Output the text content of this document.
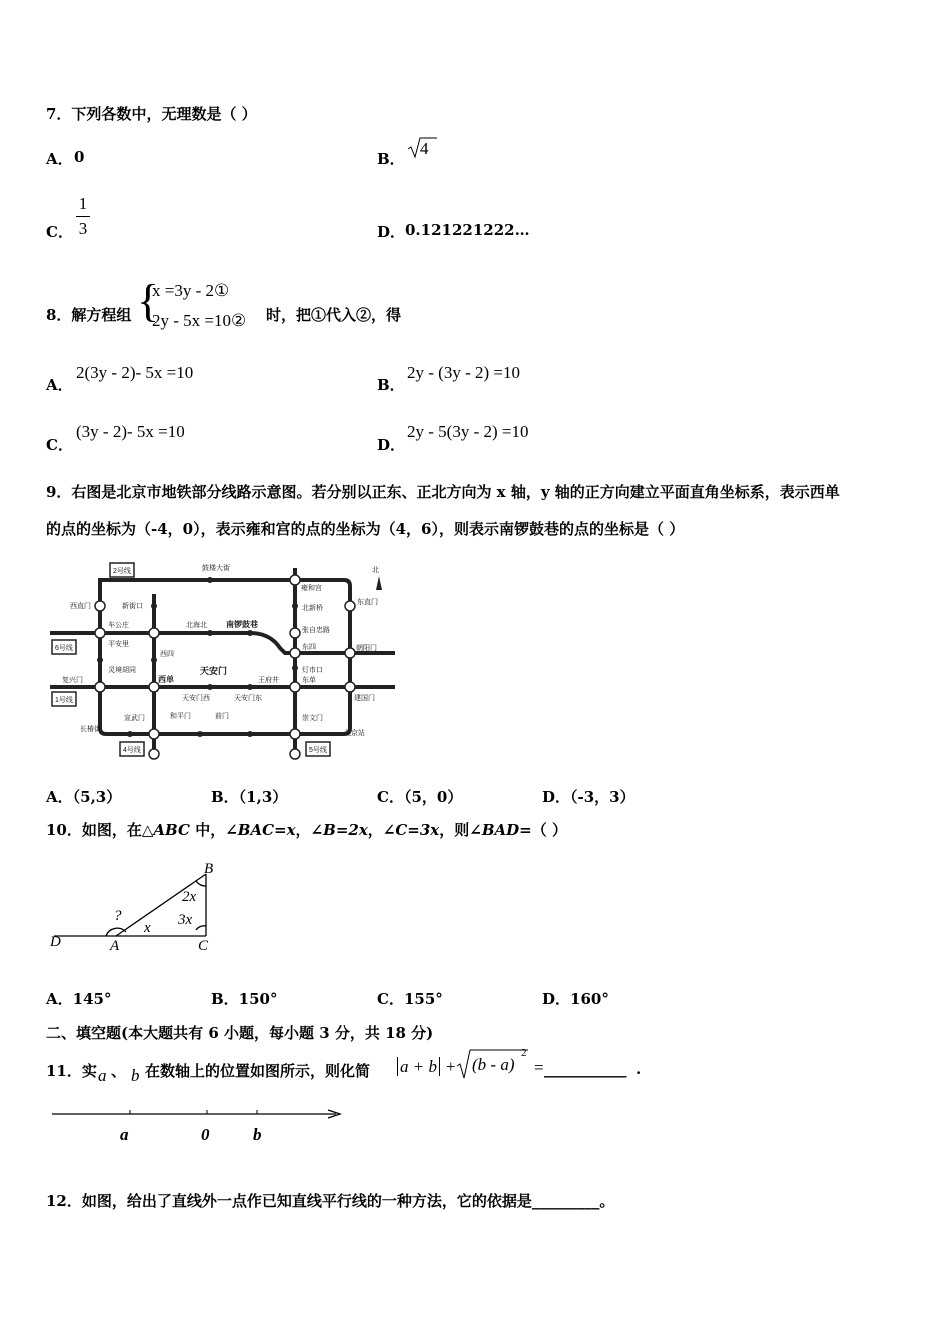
7．下列各数中，无理数是（ ）
A． 0	B．
4
C．
1
3	D． 0.121221222…
8．解方程组 {
x =3y - 2①
2y - 5x =10② 时，把①代入②，得
A．
2(3y - 2)- 5x =10
B．
2y - (3y - 2) =10
C．
(3y - 2)- 5x =10
D．
2y - 5(3y - 2) =10
9．右图是北京市地铁部分线路示意图。若分别以正东、正北方向为 x 轴，y 轴的正方向建立平面直角坐标系，表示西单
的点的坐标为（-4，0），表示雍和宫的点的坐标为（4，6），则表示南锣鼓巷的点的坐标是（ ）
2号线
6号线
1号线
4号线	5号线
鼓楼大街
雍和宫
西直门	新街口
东直门
北新桥
车公庄	北海北 南锣鼓巷
张自忠路
平安里
西四
东四	朝阳门
灵境胡同	灯市口
西单	东单
复兴门
天安门
天安门西	天安门东
王府井
建国门
宣武门	和平门	前门	崇文门
长椿街
北京站
北
A．（5,3）	B．（1,3）	C．（5，0）	D．（-3，3）
10．如图，在△ABC 中，∠BAC=x，∠B=2x，∠C=3x，则∠BAD=（ ）
B
A	C
D
?
x
2x
3x
A．145°	B．150°	C．155°	D．160°
二、填空题(本大题共有 6 小题，每小题 3 分，共 18 分)
11．实 a 、 b 在数轴上的位置如图所示，则化简 a + b + (b - a)
2
= ___________ .
a	0	b
12．如图，给出了直线外一点作已知直线平行线的一种方法，它的依据是_________。
